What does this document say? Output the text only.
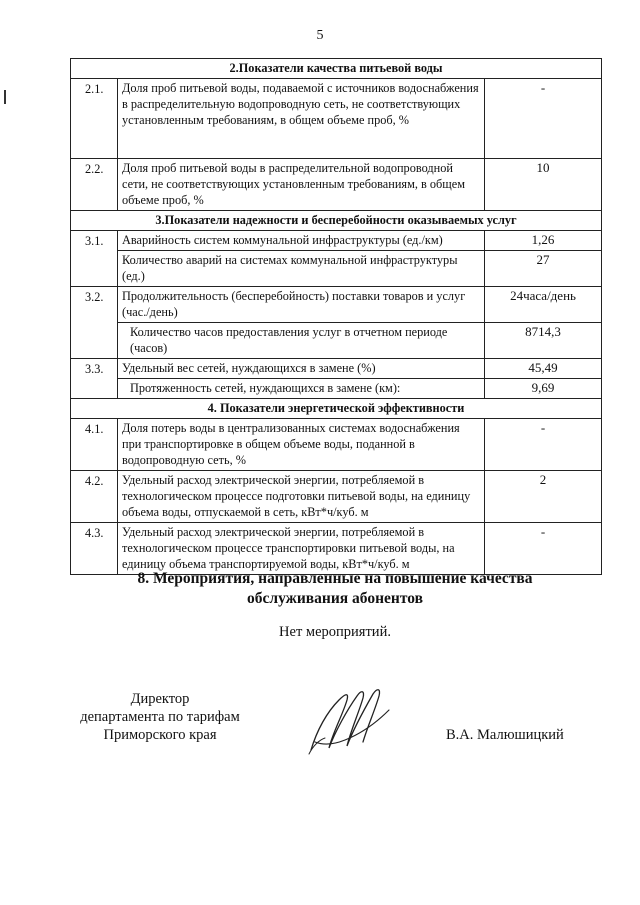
5
2.Показатели качества питьевой воды		
2.1.	Доля проб питьевой воды, подаваемой с источников водоснабжения в распределительную водопроводную сеть, не соответствующих установленным требованиям, в общем объеме проб, %	-
2.2.	Доля проб питьевой воды в распределительной водопроводной сети, не соответствующих установленным требованиям, в общем объеме проб, %	10
3.Показатели надежности и бесперебойности оказываемых услуг		
3.1.	Аварийность систем коммунальной инфраструктуры (ед./км)	1,26
	Количество аварий на системах коммунальной инфраструктуры (ед.)	27
3.2.	Продолжительность (бесперебойность) поставки товаров и услуг (час./день)	24часа/день
	Количество часов предоставления услуг в отчетном периоде (часов)	8714,3
3.3.	Удельный вес сетей, нуждающихся в замене (%)	45,49
	Протяженность сетей, нуждающихся в замене (км):	9,69
4. Показатели энергетической эффективности		
4.1.	Доля потерь воды в централизованных системах водоснабжения при транспортировке в общем объеме воды, поданной в водопроводную сеть, %	-
4.2.	Удельный расход электрической энергии, потребляемой в технологическом процессе подготовки питьевой воды, на единицу объема воды, отпускаемой в сеть, кВт*ч/куб. м	2
4.3.	Удельный расход электрической энергии, потребляемой в технологическом процессе транспортировки питьевой воды, на единицу объема транспортируемой воды, кВт*ч/куб. м	-
8. Мероприятия, направленные на повышение качества
обслуживания абонентов
Нет мероприятий.
Директор
департамента по тарифам
Приморского края	В.А. Малюшицкий
